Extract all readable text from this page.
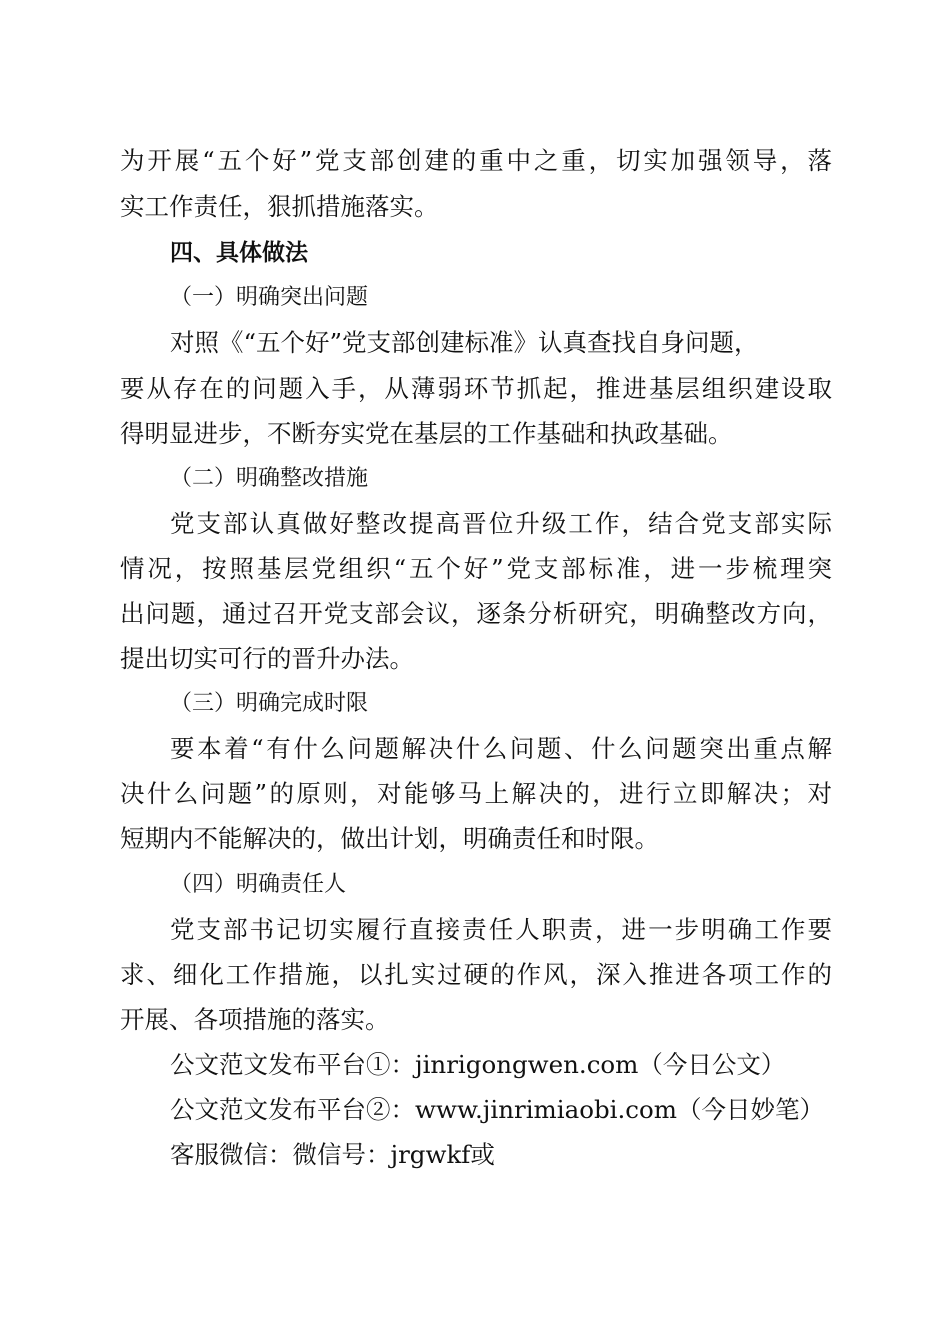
为开展“五个好”党支部创建的重中之重，切实加强领导，落
实工作责任，狠抓措施落实。
四、具体做法
（一）明确突出问题
对照《“五个好”党支部创建标准》认真查找自身问题，
要从存在的问题入手，从薄弱环节抓起，推进基层组织建设取
得明显进步，不断夯实党在基层的工作基础和执政基础。
（二）明确整改措施
党支部认真做好整改提高晋位升级工作，结合党支部实际
情况，按照基层党组织“五个好”党支部标准，进一步梳理突
出问题，通过召开党支部会议，逐条分析研究，明确整改方向，
提出切实可行的晋升办法。
（三）明确完成时限
要本着“有什么问题解决什么问题、什么问题突出重点解
决什么问题”的原则，对能够马上解决的，进行立即解决；对
短期内不能解决的，做出计划，明确责任和时限。
（四）明确责任人
党支部书记切实履行直接责任人职责，进一步明确工作要
求、细化工作措施，以扎实过硬的作风，深入推进各项工作的
开展、各项措施的落实。
公文范文发布平台①：jinrigongwen.com（今日公文）
公文范文发布平台②：www.jinrimiaobi.com（今日妙笔）
客服微信：微信号：jrgwkf或
